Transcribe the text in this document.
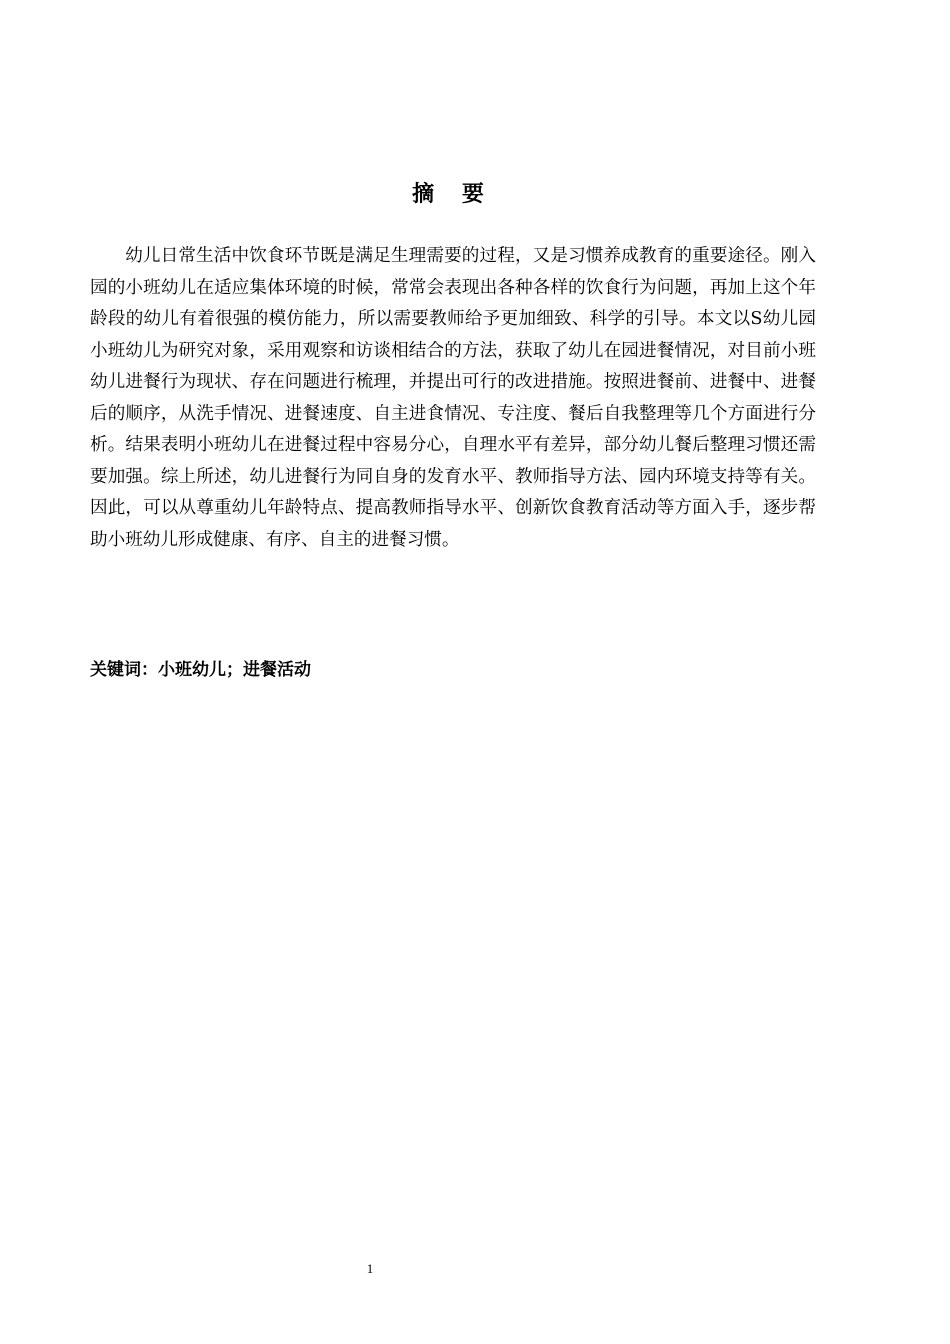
摘 要

幼儿日常生活中饮食环节既是满足生理需要的过程，又是习惯养成教育的重要途径。刚入园的小班幼儿在适应集体环境的时候，常常会表现出各种各样的饮食行为问题，再加上这个年龄段的幼儿有着很强的模仿能力，所以需要教师给予更加细致、科学的引导。本文以S幼儿园小班幼儿为研究对象，采用观察和访谈相结合的方法，获取了幼儿在园进餐情况，对目前小班幼儿进餐行为现状、存在问题进行梳理，并提出可行的改进措施。按照进餐前、进餐中、进餐后的顺序，从洗手情况、进餐速度、自主进食情况、专注度、餐后自我整理等几个方面进行分析。结果表明小班幼儿在进餐过程中容易分心，自理水平有差异，部分幼儿餐后整理习惯还需要加强。综上所述，幼儿进餐行为同自身的发育水平、教师指导方法、园内环境支持等有关。因此，可以从尊重幼儿年龄特点、提高教师指导水平、创新饮食教育活动等方面入手，逐步帮助小班幼儿形成健康、有序、自主的进餐习惯。

关键词：小班幼儿；进餐活动
1
